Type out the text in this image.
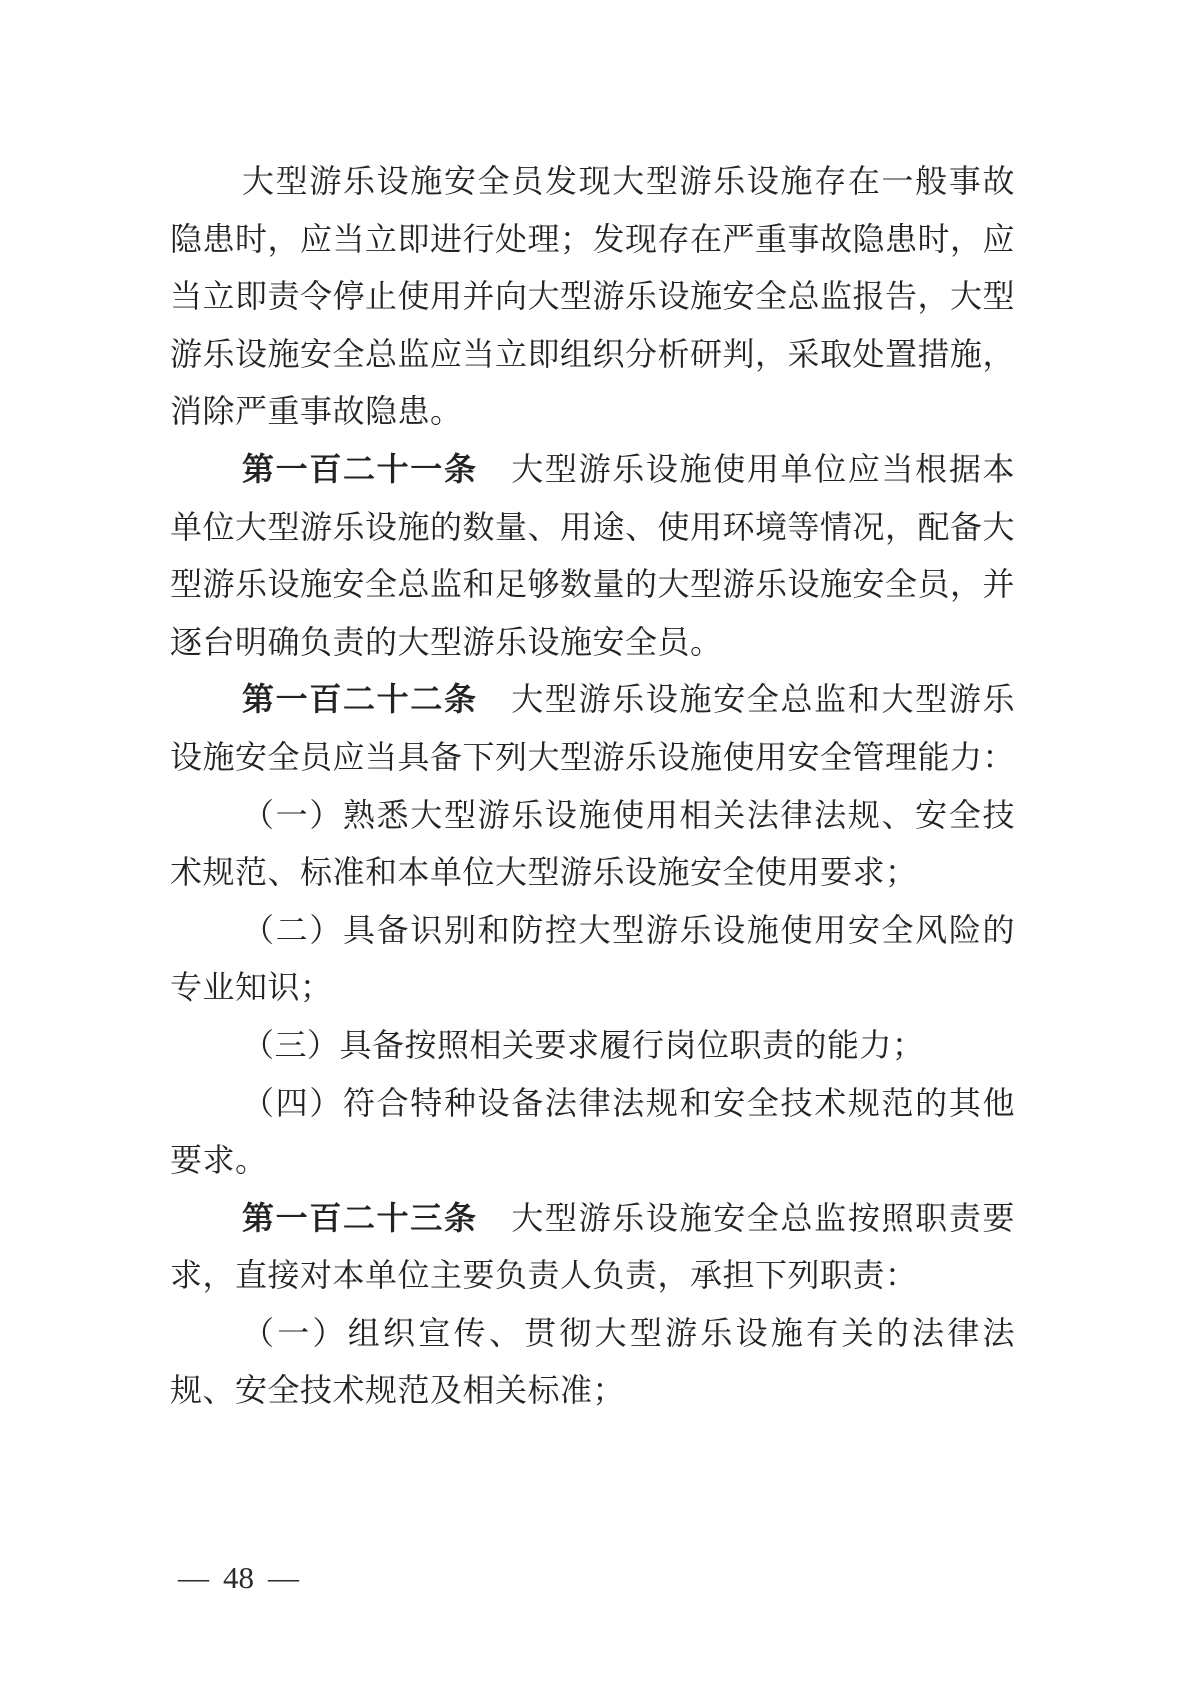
大型游乐设施安全员发现大型游乐设施存在一般事故隐患时，应当立即进行处理；发现存在严重事故隐患时，应当立即责令停止使用并向大型游乐设施安全总监报告，大型游乐设施安全总监应当立即组织分析研判，采取处置措施，消除严重事故隐患。

第一百二十一条　大型游乐设施使用单位应当根据本单位大型游乐设施的数量、用途、使用环境等情况，配备大型游乐设施安全总监和足够数量的大型游乐设施安全员，并逐台明确负责的大型游乐设施安全员。

第一百二十二条　大型游乐设施安全总监和大型游乐设施安全员应当具备下列大型游乐设施使用安全管理能力：

（一）熟悉大型游乐设施使用相关法律法规、安全技术规范、标准和本单位大型游乐设施安全使用要求；

（二）具备识别和防控大型游乐设施使用安全风险的专业知识；

（三）具备按照相关要求履行岗位职责的能力；

（四）符合特种设备法律法规和安全技术规范的其他要求。

第一百二十三条　大型游乐设施安全总监按照职责要求，直接对本单位主要负责人负责，承担下列职责：

（一）组织宣传、贯彻大型游乐设施有关的法律法规、安全技术规范及相关标准；

— 48 —
